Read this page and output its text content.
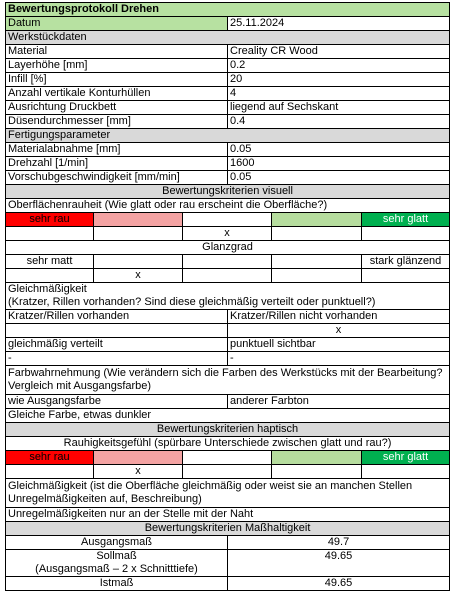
Bewertungsprotokoll Drehen					
Datum			25.11.2024		
Werkstückdaten					
Material			Creality CR Wood		
Layerhöhe [mm]			0.2		
Infill [%]			20		
Anzahl vertikale Konturhüllen			4		
Ausrichtung Druckbett			liegend auf Sechskant		
Düsendurchmesser [mm]			0.4		
Fertigungsparameter					
Materialabnahme [mm]			0.05		
Drehzahl [1/min]			1600		
Vorschubgeschwindigkeit [mm/min]			0.05		
Bewertungskriterien visuell					
Oberflächenrauheit (Wie glatt oder rau erscheint die Oberfläche?)					
sehr rau					sehr glatt
		x			
Glanzgrad					
sehr matt					stark glänzend
	x				

Gleichmäßigkeit
(Kratzer, Rillen vorhanden? Sind diese gleichmäßig verteilt oder punktuell?)					

Kratzer/Rillen vorhanden			Kratzer/Rillen nicht vorhanden		
			x		
gleichmäßig verteilt			punktuell sichtbar		
-			-		
Farbwahrnehmung (Wie verändern sich die Farben des Werkstücks mit der Bearbeitung? Vergleich mit Ausgangsfarbe)					
wie Ausgangsfarbe			anderer Farbton		
Gleiche Farbe, etwas dunkler					
Bewertungskriterien haptisch					
Rauhigkeitsgefühl (spürbare Unterschiede zwischen glatt und rau?)					
sehr rau					sehr glatt
	x				
Gleichmäßigkeit (ist die Oberfläche gleichmäßig oder weist sie an manchen Stellen Unregelmäßigkeiten auf, Beschreibung)					
Unregelmäßigkeiten nur an der Stelle mit der Naht					
Bewertungskriterien Maßhaltigkeit					
Ausgangsmaß			49.7		

Sollmaß
(Ausgangsmaß – 2 x Schnitttiefe)			49.65		
Istmaß			49.65		
